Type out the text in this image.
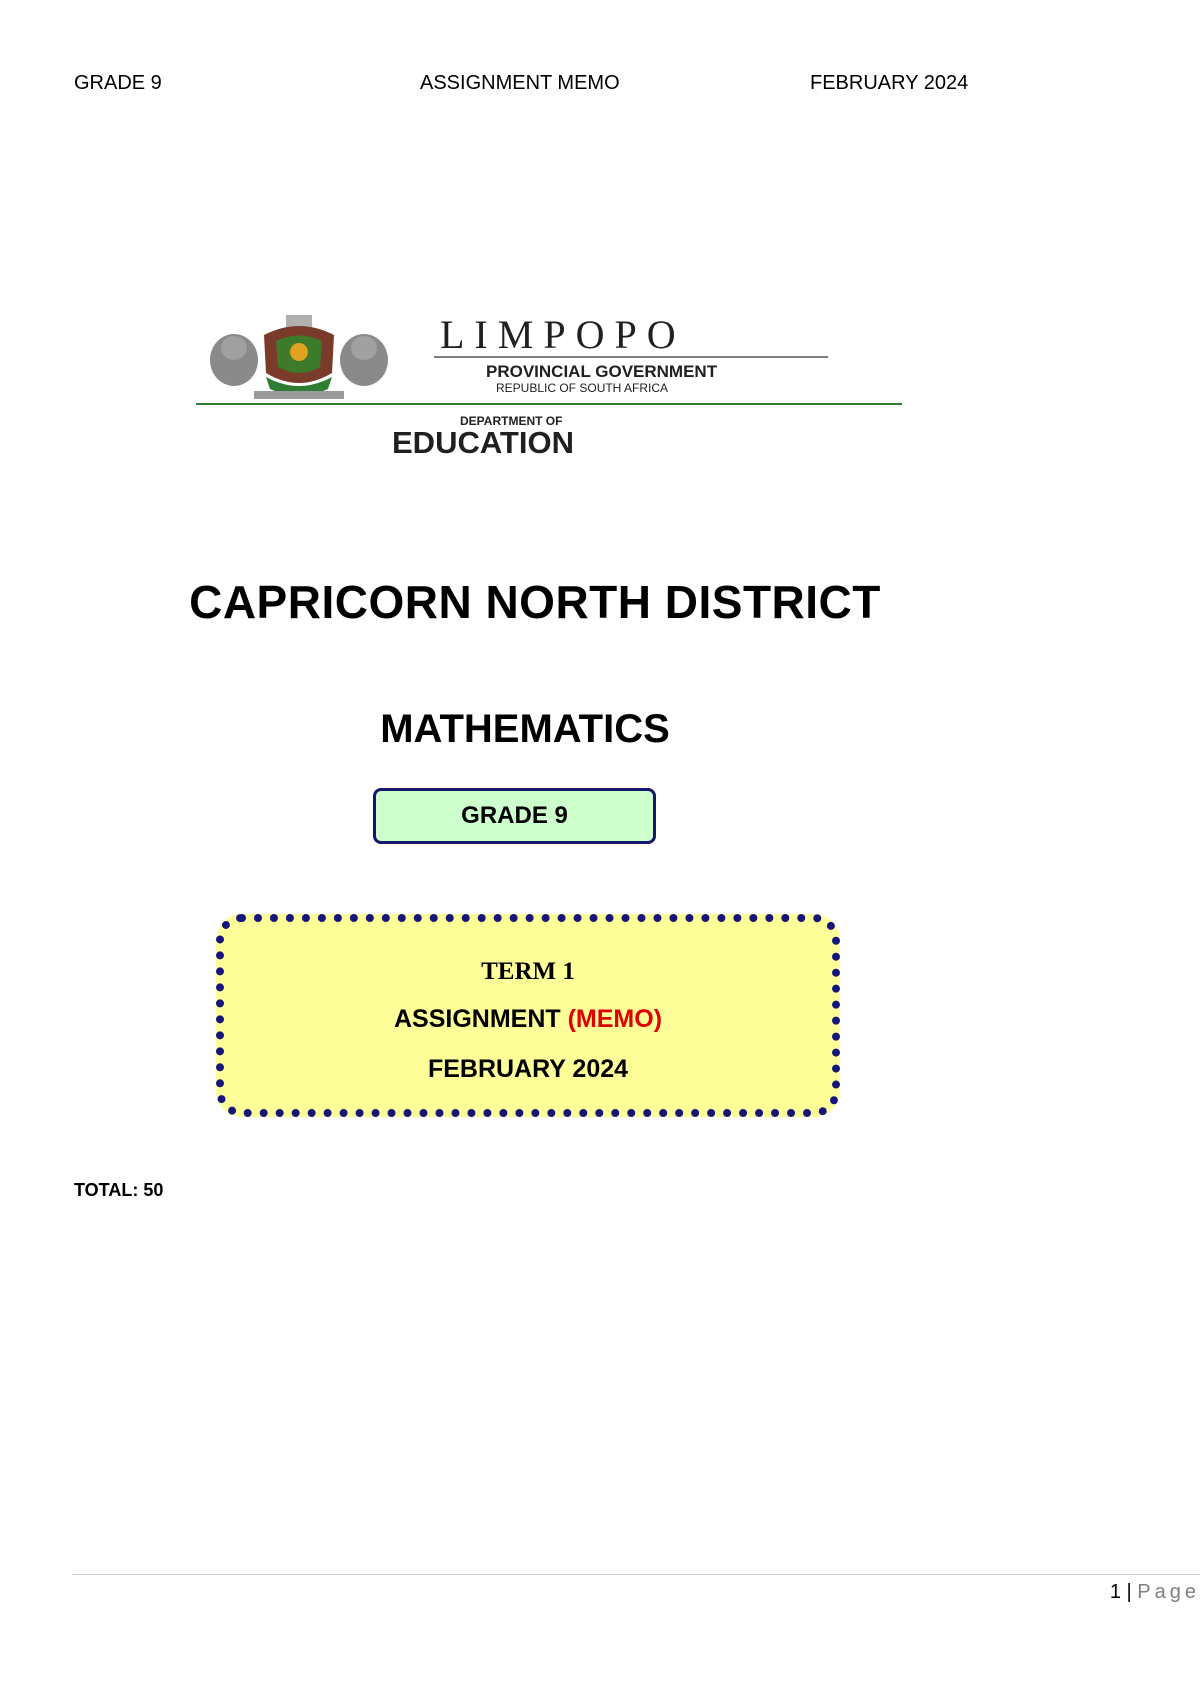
GRADE 9	ASSIGNMENT MEMO	FEBRUARY 2024
LIMPOPO
PROVINCIAL GOVERNMENT
REPUBLIC OF SOUTH AFRICA
DEPARTMENT OF
EDUCATION
CAPRICORN NORTH DISTRICT
MATHEMATICS
GRADE 9
TERM 1
ASSIGNMENT (MEMO)
FEBRUARY 2024
TOTAL: 50
1 | Page
